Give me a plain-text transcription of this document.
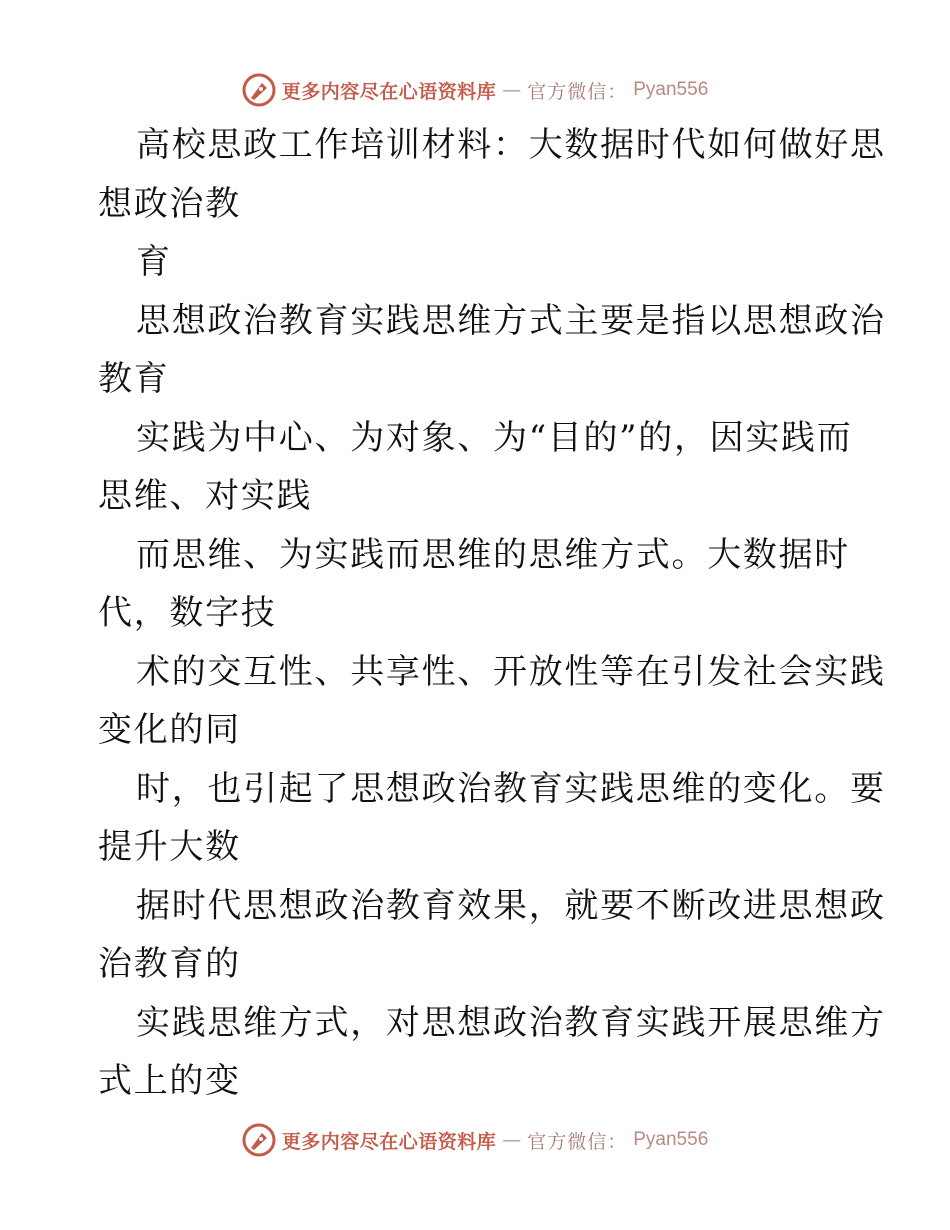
更多内容尽在心语资料库 — 官方微信： Pyan556
高校思政工作培训材料：大数据时代如何做好思
想政治教
育
思想政治教育实践思维方式主要是指以思想政治
教育
实践为中心、为对象、为“目的”的，因实践而
思维、对实践
而思维、为实践而思维的思维方式。大数据时
代，数字技
术的交互性、共享性、开放性等在引发社会实践
变化的同
时，也引起了思想政治教育实践思维的变化。要
提升大数
据时代思想政治教育效果，就要不断改进思想政
治教育的
实践思维方式，对思想政治教育实践开展思维方
式上的变
更多内容尽在心语资料库 — 官方微信： Pyan556
